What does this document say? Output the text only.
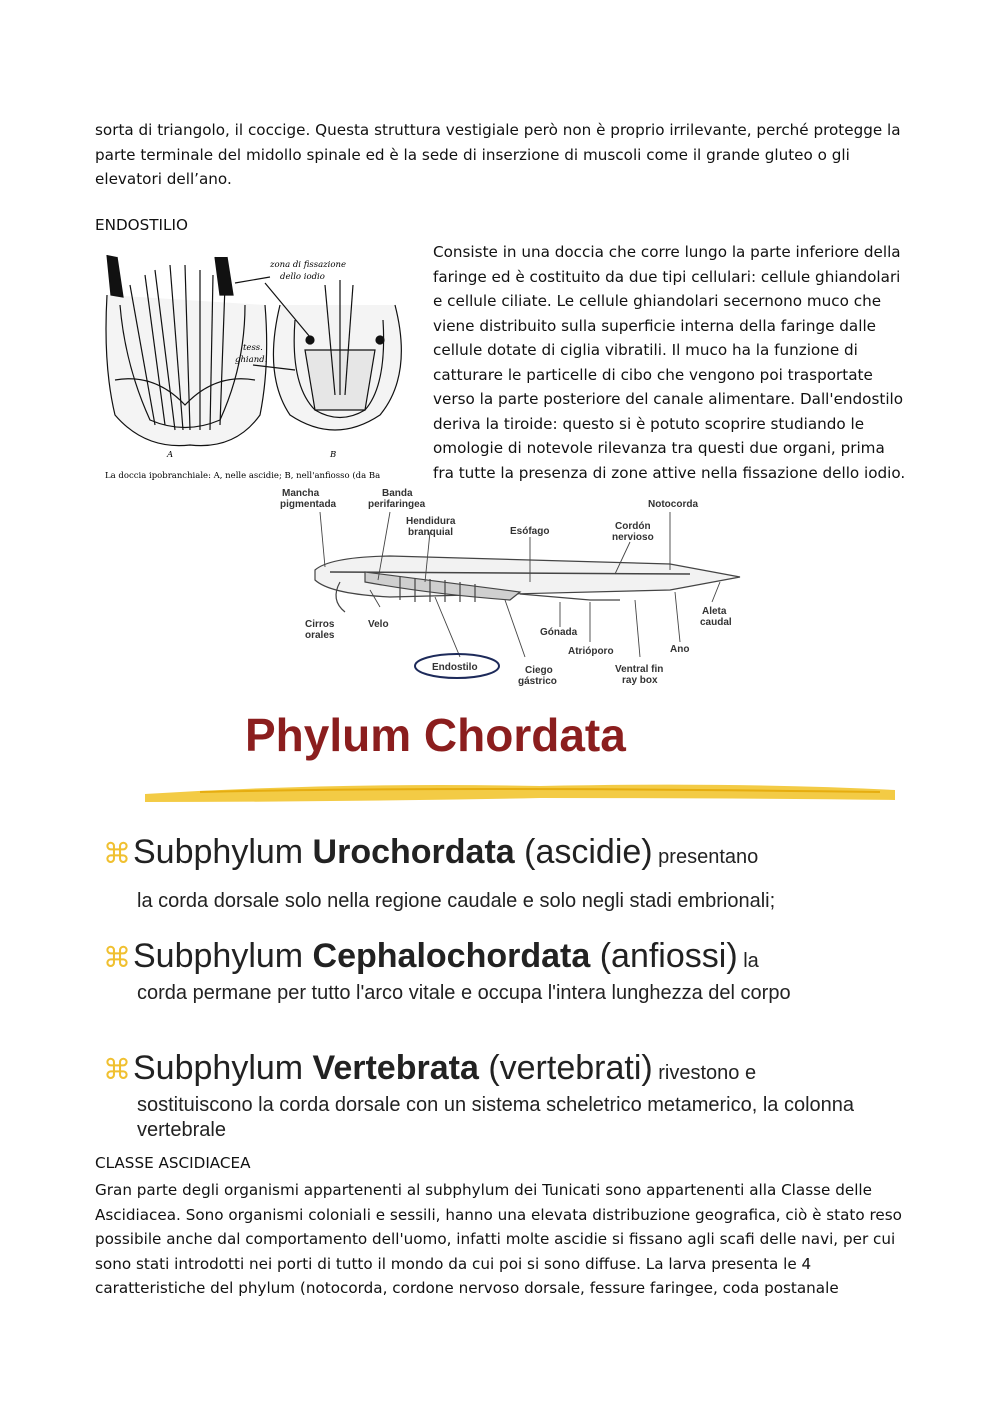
sorta di triangolo, il coccige. Questa struttura vestigiale però non è proprio irrilevante, perché protegge la parte terminale del midollo spinale ed è la sede di inserzione di muscoli come il grande gluteo o gli elevatori dell’ano.

ENDOSTILIO
zona di fissazione
dello iodio
tess.
ghiand.
A	B
La doccia ipobranchiale: A, nelle ascidie; B, nell'anfiosso (da Ba

Consiste in una doccia che corre lungo la parte inferiore della faringe ed è costituito da due tipi cellulari: cellule ghiandolari e cellule ciliate. Le cellule ghiandolari secernono muco che viene distribuito sulla superficie interna della faringe dalle cellule dotate di ciglia vibratili. Il muco ha la funzione di catturare le particelle di cibo che vengono poi trasportate verso la parte posteriore del canale alimentare. Dall'endostilo deriva la tiroide: questo si è potuto scoprire studiando le omologie di notevole rilevanza tra questi due organi, prima fra tutte la presenza di zone attive nella fissazione dello iodio.

Mancha
pigmentada
Banda
perifaringea
Hendidura
branquial	Esófago	Cordón
nervioso
Notocorda
Cirros
orales
Velo
Gónada
Atrióporo	Ano
Aleta
caudal
Endostilo	Ciego
gástrico
Ventral fin
ray box
Phylum Chordata
⌘Subphylum Urochordata (ascidie) presentano
la corda dorsale solo nella regione caudale e solo negli stadi embrionali;
⌘Subphylum Cephalochordata (anfiossi) la
corda permane per tutto l'arco vitale e occupa l'intera lunghezza del corpo
⌘Subphylum Vertebrata (vertebrati) rivestono e
sostituiscono la corda dorsale con un sistema scheletrico metamerico, la colonna vertebrale
CLASSE ASCIDIACEA

Gran parte degli organismi appartenenti al subphylum dei Tunicati sono appartenenti alla Classe delle Ascidiacea. Sono organismi coloniali e sessili, hanno una elevata distribuzione geografica, ciò è stato reso possibile anche dal comportamento dell'uomo, infatti molte ascidie si fissano agli scafi delle navi, per cui sono stati introdotti nei porti di tutto il mondo da cui poi si sono diffuse. La larva presenta le 4 caratteristiche del phylum (notocorda, cordone nervoso dorsale, fessure faringee, coda postanale
